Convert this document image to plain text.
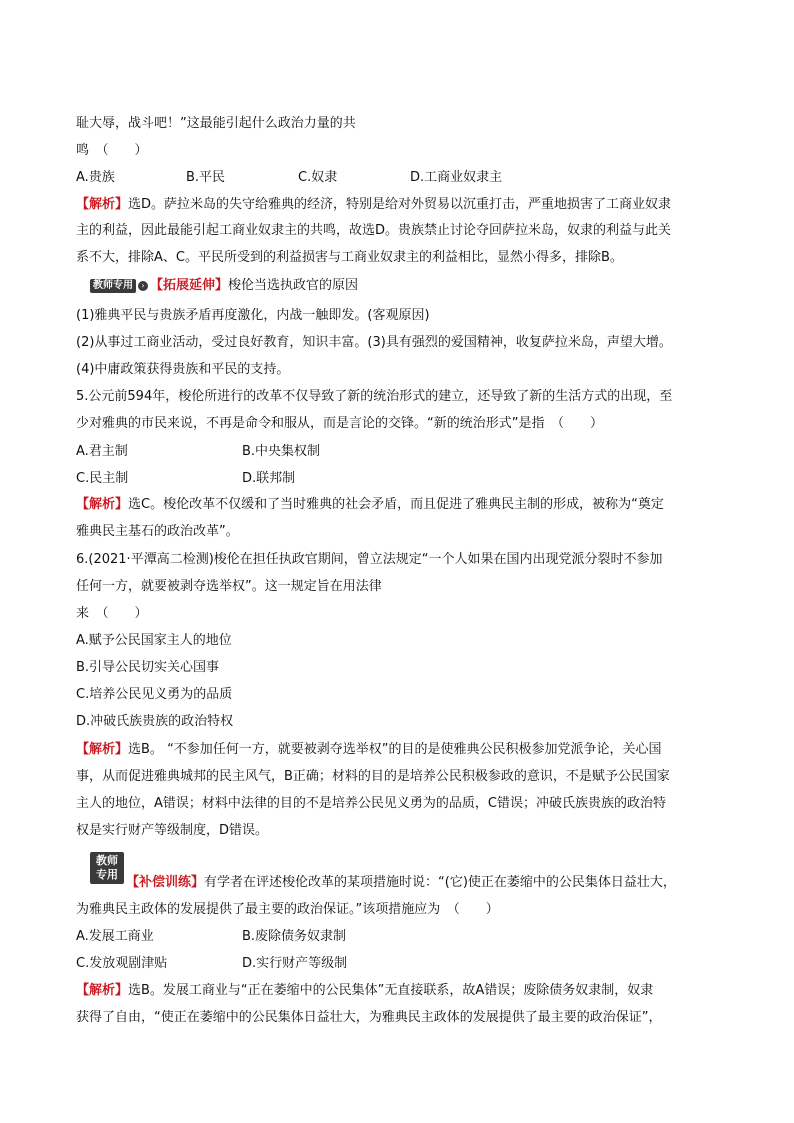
耻大辱，战斗吧！”这最能引起什么政治力量的共
鸣　（　　）
A.贵族	B.平民	C.奴隶	D.工商业奴隶主
【解析】选D。萨拉米岛的失守给雅典的经济，特别是给对外贸易以沉重打击，严重地损害了工商业奴隶
主的利益，因此最能引起工商业奴隶主的共鸣，故选D。贵族禁止讨论夺回萨拉米岛，奴隶的利益与此关
系不大，排除A、C。平民所受到的利益损害与工商业奴隶主的利益相比，显然小得多，排除B。
教师专用 › 【拓展延伸】梭伦当选执政官的原因
(1)雅典平民与贵族矛盾再度激化，内战一触即发。(客观原因)
(2)从事过工商业活动，受过良好教育，知识丰富。(3)具有强烈的爱国精神，收复萨拉米岛，声望大增。
(4)中庸政策获得贵族和平民的支持。
5.公元前594年，梭伦所进行的改革不仅导致了新的统治形式的建立，还导致了新的生活方式的出现，至
少对雅典的市民来说，不再是命令和服从，而是言论的交锋。“新的统治形式”是指　（　　）
A.君主制	B.中央集权制
C.民主制	D.联邦制
【解析】选C。梭伦改革不仅缓和了当时雅典的社会矛盾，而且促进了雅典民主制的形成，被称为“奠定
雅典民主基石的政治改革”。
6.(2021·平潭高二检测)梭伦在担任执政官期间，曾立法规定“一个人如果在国内出现党派分裂时不参加
任何一方，就要被剥夺选举权”。这一规定旨在用法律
来　（　　）
A.赋予公民国家主人的地位
B.引导公民切实关心国事
C.培养公民见义勇为的品质
D.冲破氏族贵族的政治特权
【解析】选B。 “不参加任何一方，就要被剥夺选举权”的目的是使雅典公民积极参加党派争论，关心国
事，从而促进雅典城邦的民主风气，B正确；材料的目的是培养公民积极参政的意识，不是赋予公民国家
主人的地位，A错误；材料中法律的目的不是培养公民见义勇为的品质，C错误；冲破氏族贵族的政治特
权是实行财产等级制度，D错误。
教师
专用
【补偿训练】有学者在评述梭伦改革的某项措施时说：“(它)使正在萎缩中的公民集体日益壮大，
为雅典民主政体的发展提供了最主要的政治保证。”该项措施应为　（　　）
A.发展工商业	B.废除债务奴隶制
C.发放观剧津贴	D.实行财产等级制
【解析】选B。发展工商业与“正在萎缩中的公民集体”无直接联系，故A错误；废除债务奴隶制，奴隶
获得了自由，“使正在萎缩中的公民集体日益壮大，为雅典民主政体的发展提供了最主要的政治保证”，
